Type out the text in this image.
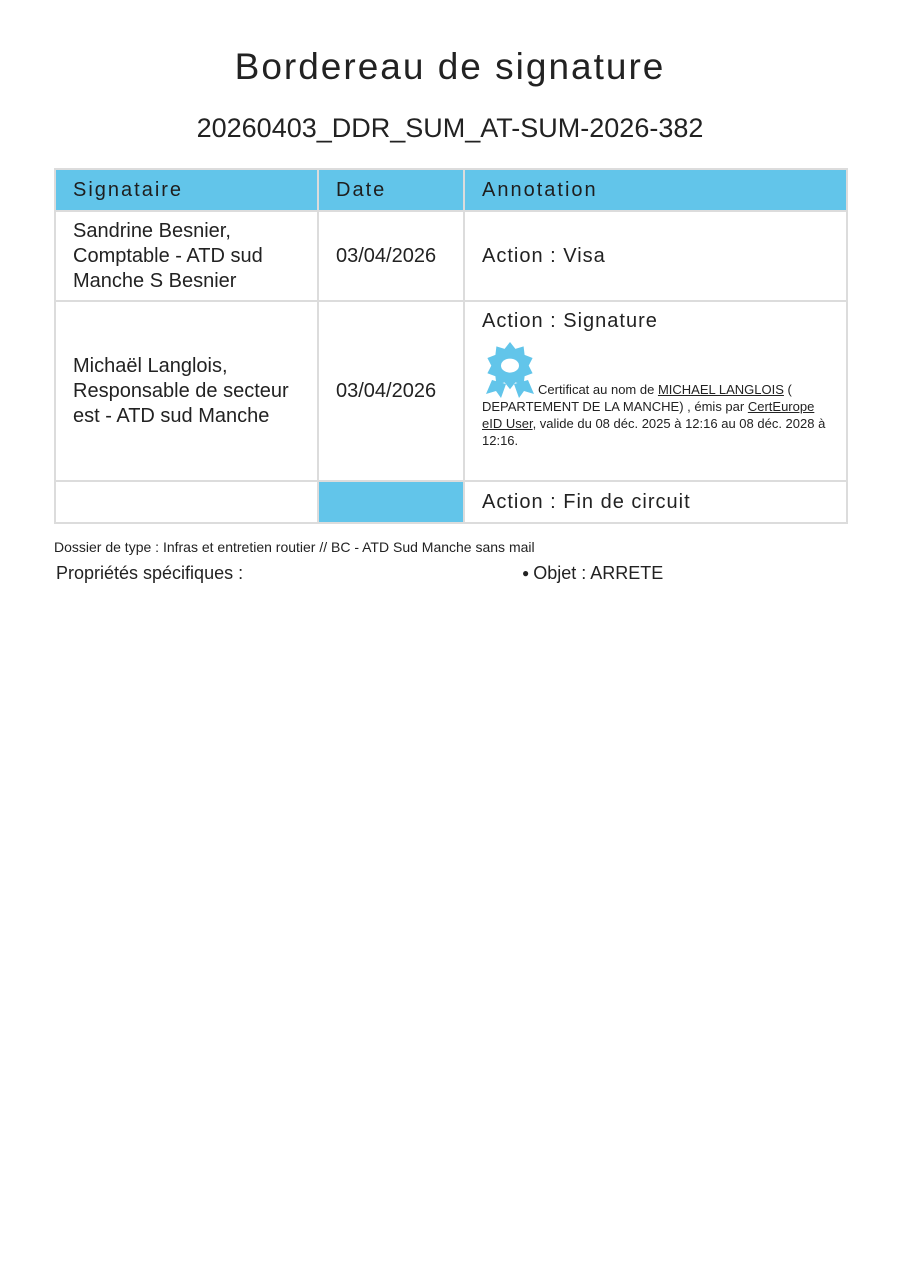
Bordereau de signature
20260403_DDR_SUM_AT-SUM-2026-382
Signataire	Date	Annotation
Sandrine Besnier, Comptable - ATD sud Manche S Besnier	03/04/2026	Action : Visa
Michaël Langlois, Responsable de secteur est - ATD sud Manche	03/04/2026	Action : Signature
Certificat au nom de MICHAEL LANGLOIS ( DEPARTEMENT DE LA MANCHE) , émis par CertEurope eID User, valide du 08 déc. 2025 à 12:16 au 08 déc. 2028 à 12:16.

		Action : Fin de circuit
Dossier de type : Infras et entretien routier // BC - ATD Sud Manche sans mail
Propriétés spécifiques :	● Objet : ARRETE
